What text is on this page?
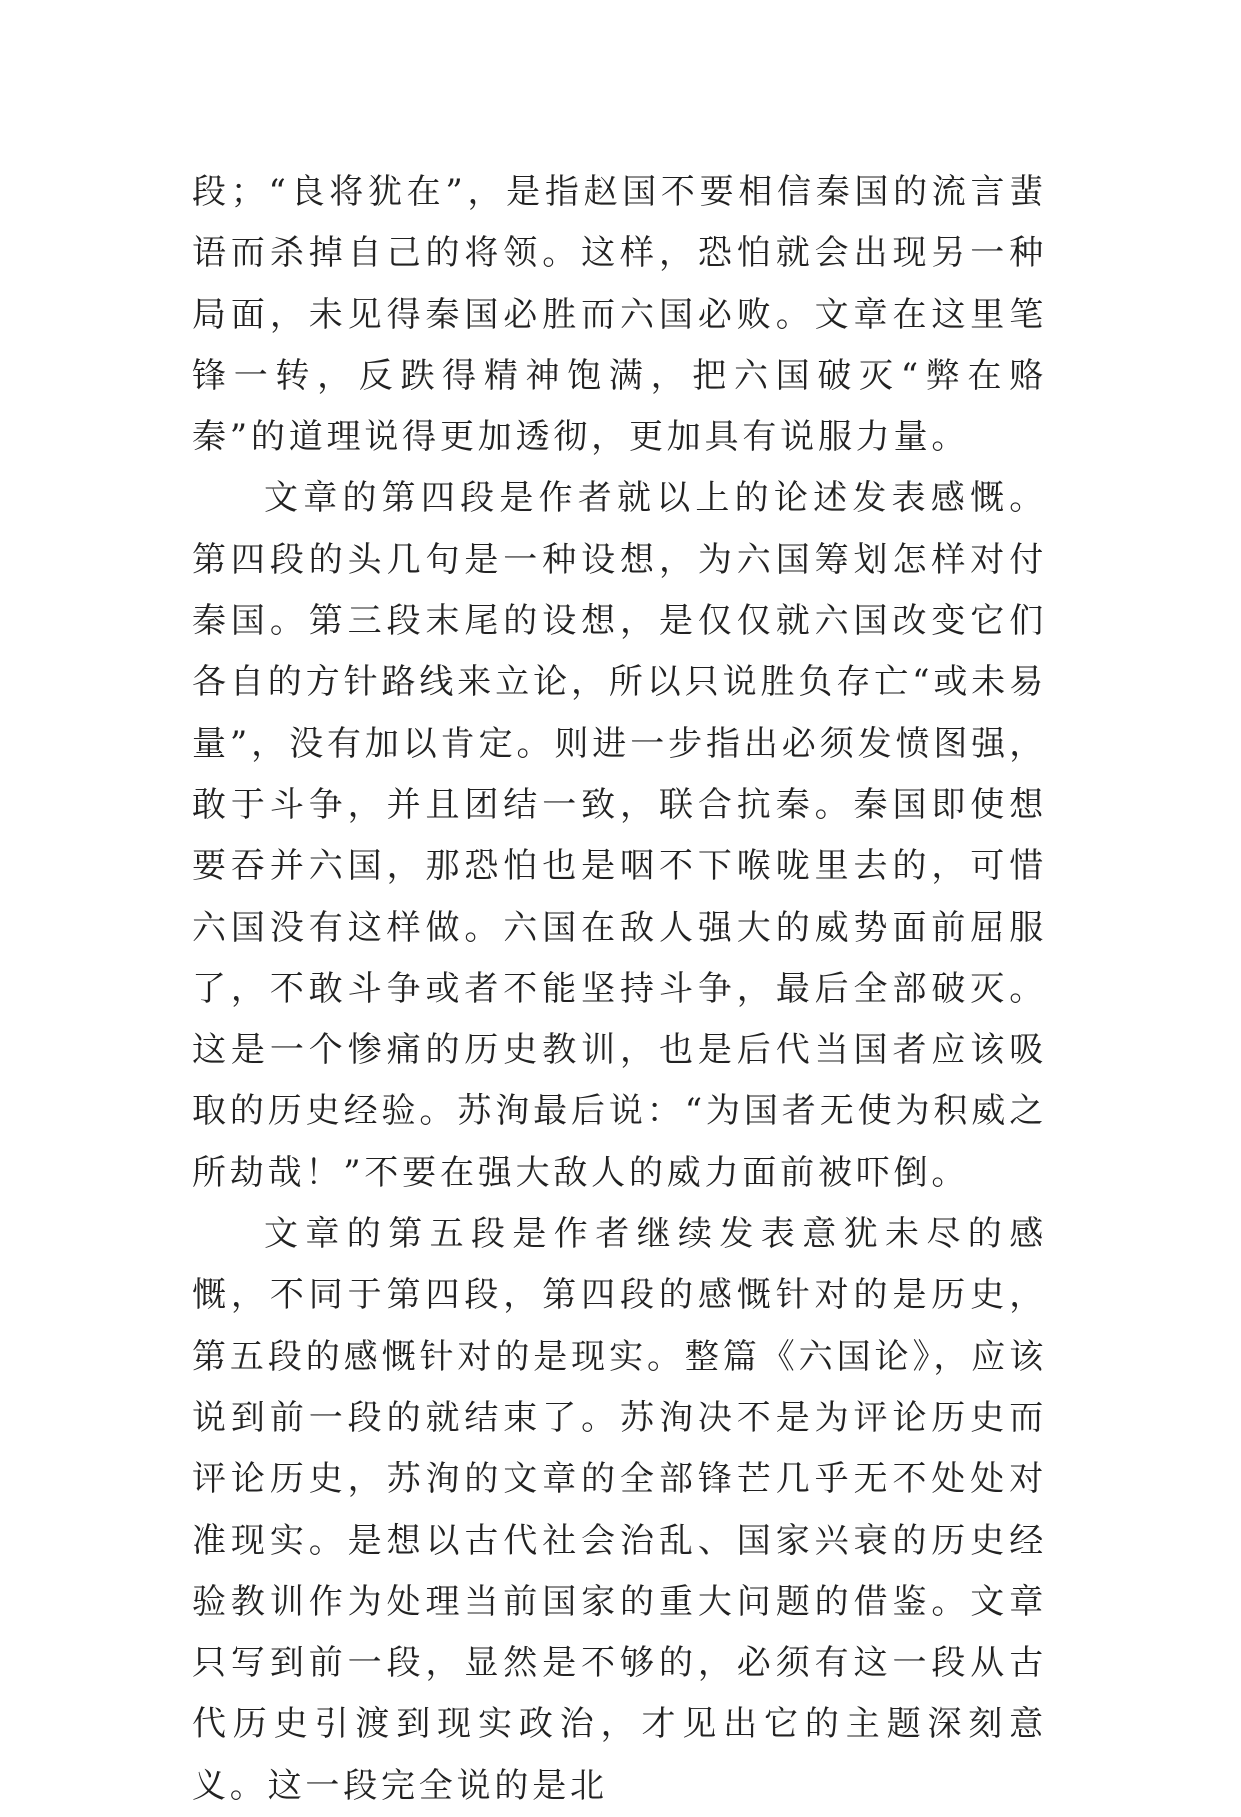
段；“良将犹在”，是指赵国不要相信秦国的流言蜚语而杀掉自己的将领。这样，恐怕就会出现另一种局面，未见得秦国必胜而六国必败。文章在这里笔锋一转，反跌得精神饱满，把六国破灭“弊在赂秦”的道理说得更加透彻，更加具有说服力量。

文章的第四段是作者就以上的论述发表感慨。第四段的头几句是一种设想，为六国筹划怎样对付秦国。第三段末尾的设想，是仅仅就六国改变它们各自的方针路线来立论，所以只说胜负存亡“或未易量”，没有加以肯定。则进一步指出必须发愤图强，敢于斗争，并且团结一致，联合抗秦。秦国即使想要吞并六国，那恐怕也是咽不下喉咙里去的，可惜六国没有这样做。六国在敌人强大的威势面前屈服了，不敢斗争或者不能坚持斗争，最后全部破灭。这是一个惨痛的历史教训，也是后代当国者应该吸取的历史经验。苏洵最后说：“为国者无使为积威之所劫哉！”不要在强大敌人的威力面前被吓倒。

文章的第五段是作者继续发表意犹未尽的感慨，不同于第四段，第四段的感慨针对的是历史，第五段的感慨针对的是现实。整篇《六国论》，应该说到前一段的就结束了。苏洵决不是为评论历史而评论历史，苏洵的文章的全部锋芒几乎无不处处对准现实。是想以古代社会治乱、国家兴衰的历史经验教训作为处理当前国家的重大问题的借鉴。文章只写到前一段，显然是不够的，必须有这一段从古代历史引渡到现实政治，才见出它的主题深刻意义。这一段完全说的是北
